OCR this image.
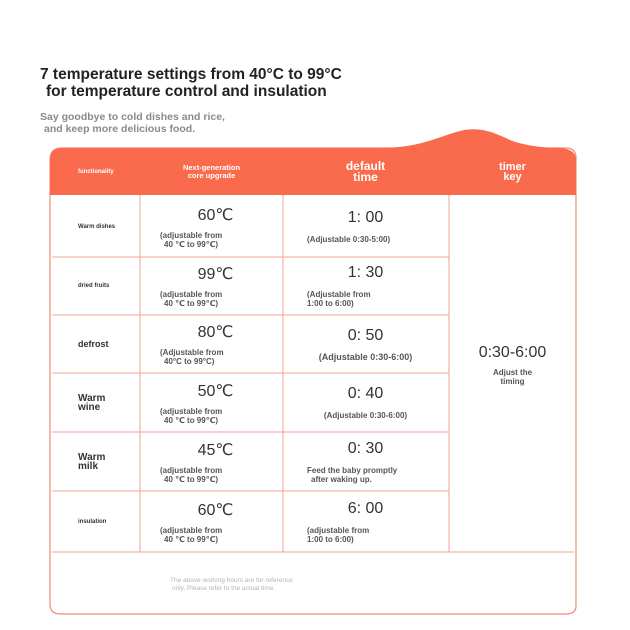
7 temperature settings from 40°C to 99°C
for temperature control and insulation

Say goodbye to cold dishes and rice,
and keep more delicious food.

functionality	Next-generation
core upgrade
default
time
timer
key
Warm dishes
60℃
(adjustable from
40 ℃ to 99℃)
1: 00
(Adjustable 0:30-5:00)
dried fruits
99℃
(adjustable from
40 ℃ to 99℃)
1: 30
(Adjustable from
1:00 to 6:00)
defrost
80℃
(Adjustable from
40°C to 99°C)
0: 50
(Adjustable 0:30-6:00)
Warm
wine
50℃
(adjustable from
40 ℃ to 99℃)
0: 40
(Adjustable 0:30-6:00)
Warm
milk
45℃
(adjustable from
40 ℃ to 99℃)
0: 30
Feed the baby promptly
after waking up.
insulation
60℃
(adjustable from
40 ℃ to 99℃)
6: 00
(adjustable from
1:00 to 6:00)
0:30-6:00
Adjust the
timing
The above working hours are for reference
only. Please refer to the actual time.
